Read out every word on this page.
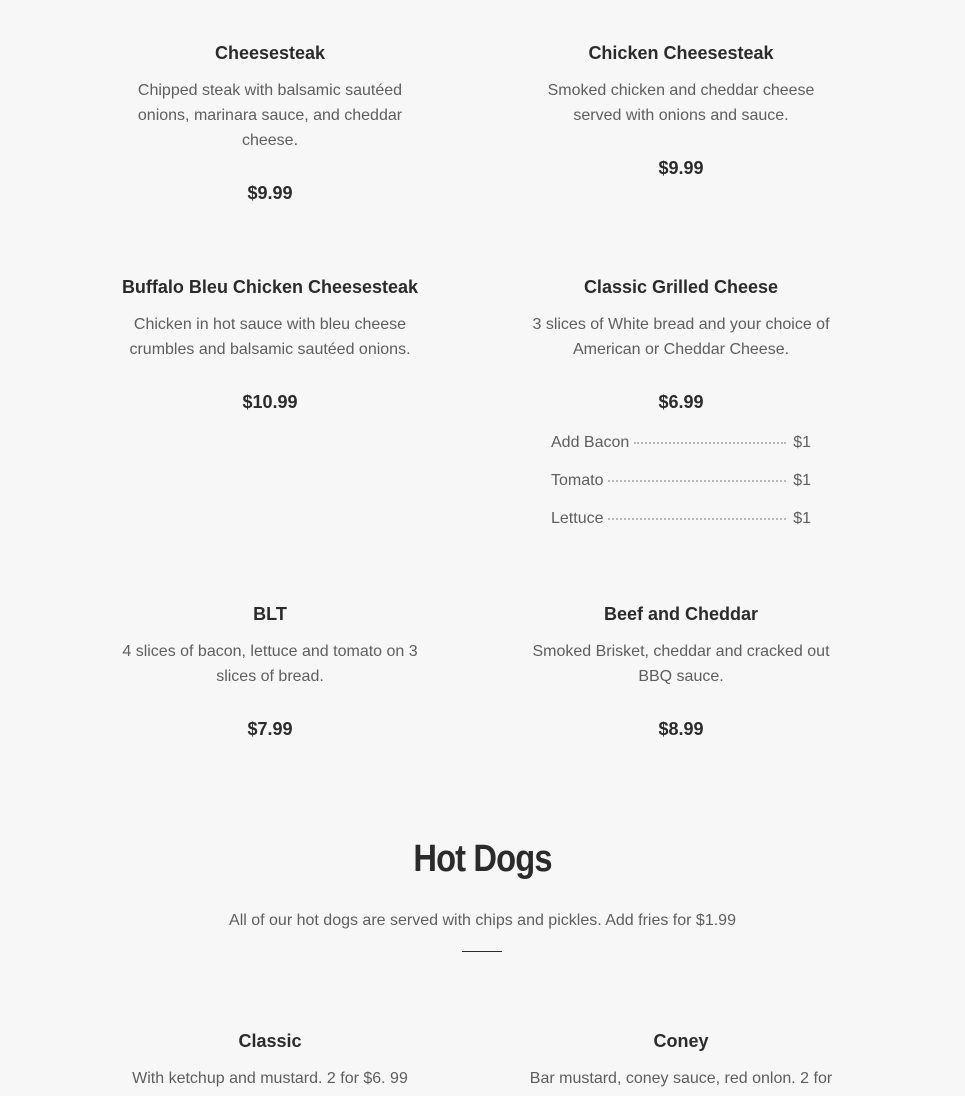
Cheesesteak

Chipped steak with balsamic sautéed onions, marinara sauce, and cheddar cheese.

$9.99

Chicken Cheesesteak

Smoked chicken and cheddar cheese served with onions and sauce.

$9.99

Buffalo Bleu Chicken Cheesesteak

Chicken in hot sauce with bleu cheese crumbles and balsamic sautéed onions.

$10.99

Classic Grilled Cheese

3 slices of White bread and your choice of American or Cheddar Cheese.

$6.99

Add Bacon	$1
Tomato	$1
Lettuce	$1

BLT

4 slices of bacon, lettuce and tomato on 3 slices of bread.

$7.99

Beef and Cheddar

Smoked Brisket, cheddar and cracked out BBQ sauce.

$8.99

Hot Dogs

All of our hot dogs are served with chips and pickles. Add fries for $1.99

Classic

With ketchup and mustard. 2 for $6. 99

Coney

Bar mustard, coney sauce, red onlon. 2 for
